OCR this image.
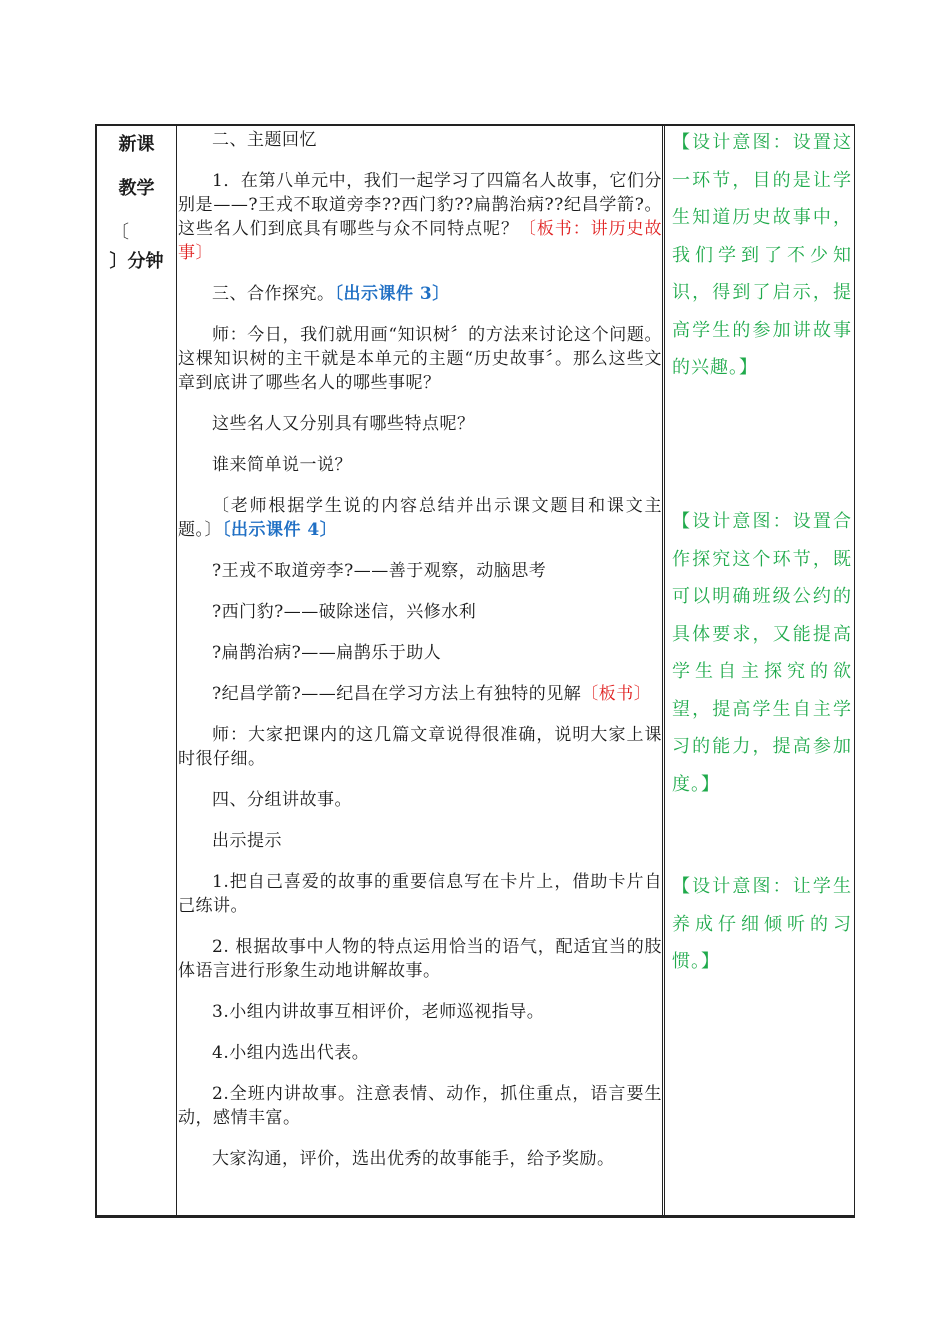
新课
教学
〔
〕分钟

二、主题回忆

1．在第八单元中，我们一起学习了四篇名人故事，它们分别是——?王戎不取道旁李??西门豹??扁鹊治病??纪昌学箭?。这些名人们到底具有哪些与众不同特点呢？〔板书：讲历史故事〕

三、合作探究。〔出示课件 3〕

师：今日，我们就用画“知识树〞的方法来讨论这个问题。这棵知识树的主干就是本单元的主题“历史故事〞。那么这些文章到底讲了哪些名人的哪些事呢？

这些名人又分别具有哪些特点呢？

谁来简单说一说？

〔老师根据学生说的内容总结并出示课文题目和课文主题。〕〔出示课件 4〕

?王戎不取道旁李?——善于观察，动脑思考

?西门豹?——破除迷信，兴修水利

?扁鹊治病?——扁鹊乐于助人

?纪昌学箭?——纪昌在学习方法上有独特的见解〔板书〕

师：大家把课内的这几篇文章说得很准确，说明大家上课时很仔细。

四、分组讲故事。

出示提示

1.把自己喜爱的故事的重要信息写在卡片上，借助卡片自己练讲。

2. 根据故事中人物的特点运用恰当的语气，配适宜当的肢体语言进行形象生动地讲解故事。

3.小组内讲故事互相评价，老师巡视指导。

4.小组内选出代表。

2.全班内讲故事。注意表情、动作，抓住重点，语言要生动，感情丰富。

大家沟通，评价，选出优秀的故事能手，给予奖励。

【设计意图：设置这一环节，目的是让学生知道历史故事中，我们学到了不少知识，得到了启示，提高学生的参加讲故事的兴趣。】
【设计意图：设置合作探究这个环节，既可以明确班级公约的具体要求，又能提高学生自主探究的欲望，提高学生自主学习的能力，提高参加度。】
【设计意图：让学生养成仔细倾听的习惯。】
